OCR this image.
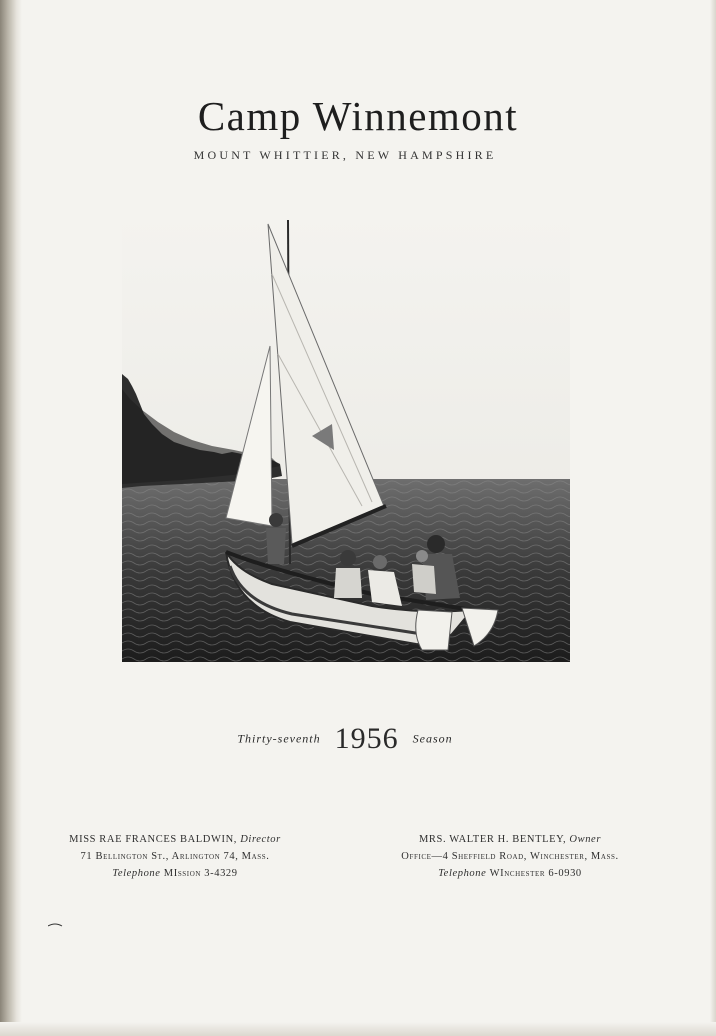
Camp Winnemont
MOUNT WHITTIER, NEW HAMPSHIRE
Thirty-seventh 1956 Season
MISS RAE FRANCES BALDWIN, Director
71 Bellington St., Arlington 74, Mass.
Telephone MIssion 3-4329
MRS. WALTER H. BENTLEY, Owner
Office—4 Sheffield Road, Winchester, Mass.
Telephone WInchester 6-0930
